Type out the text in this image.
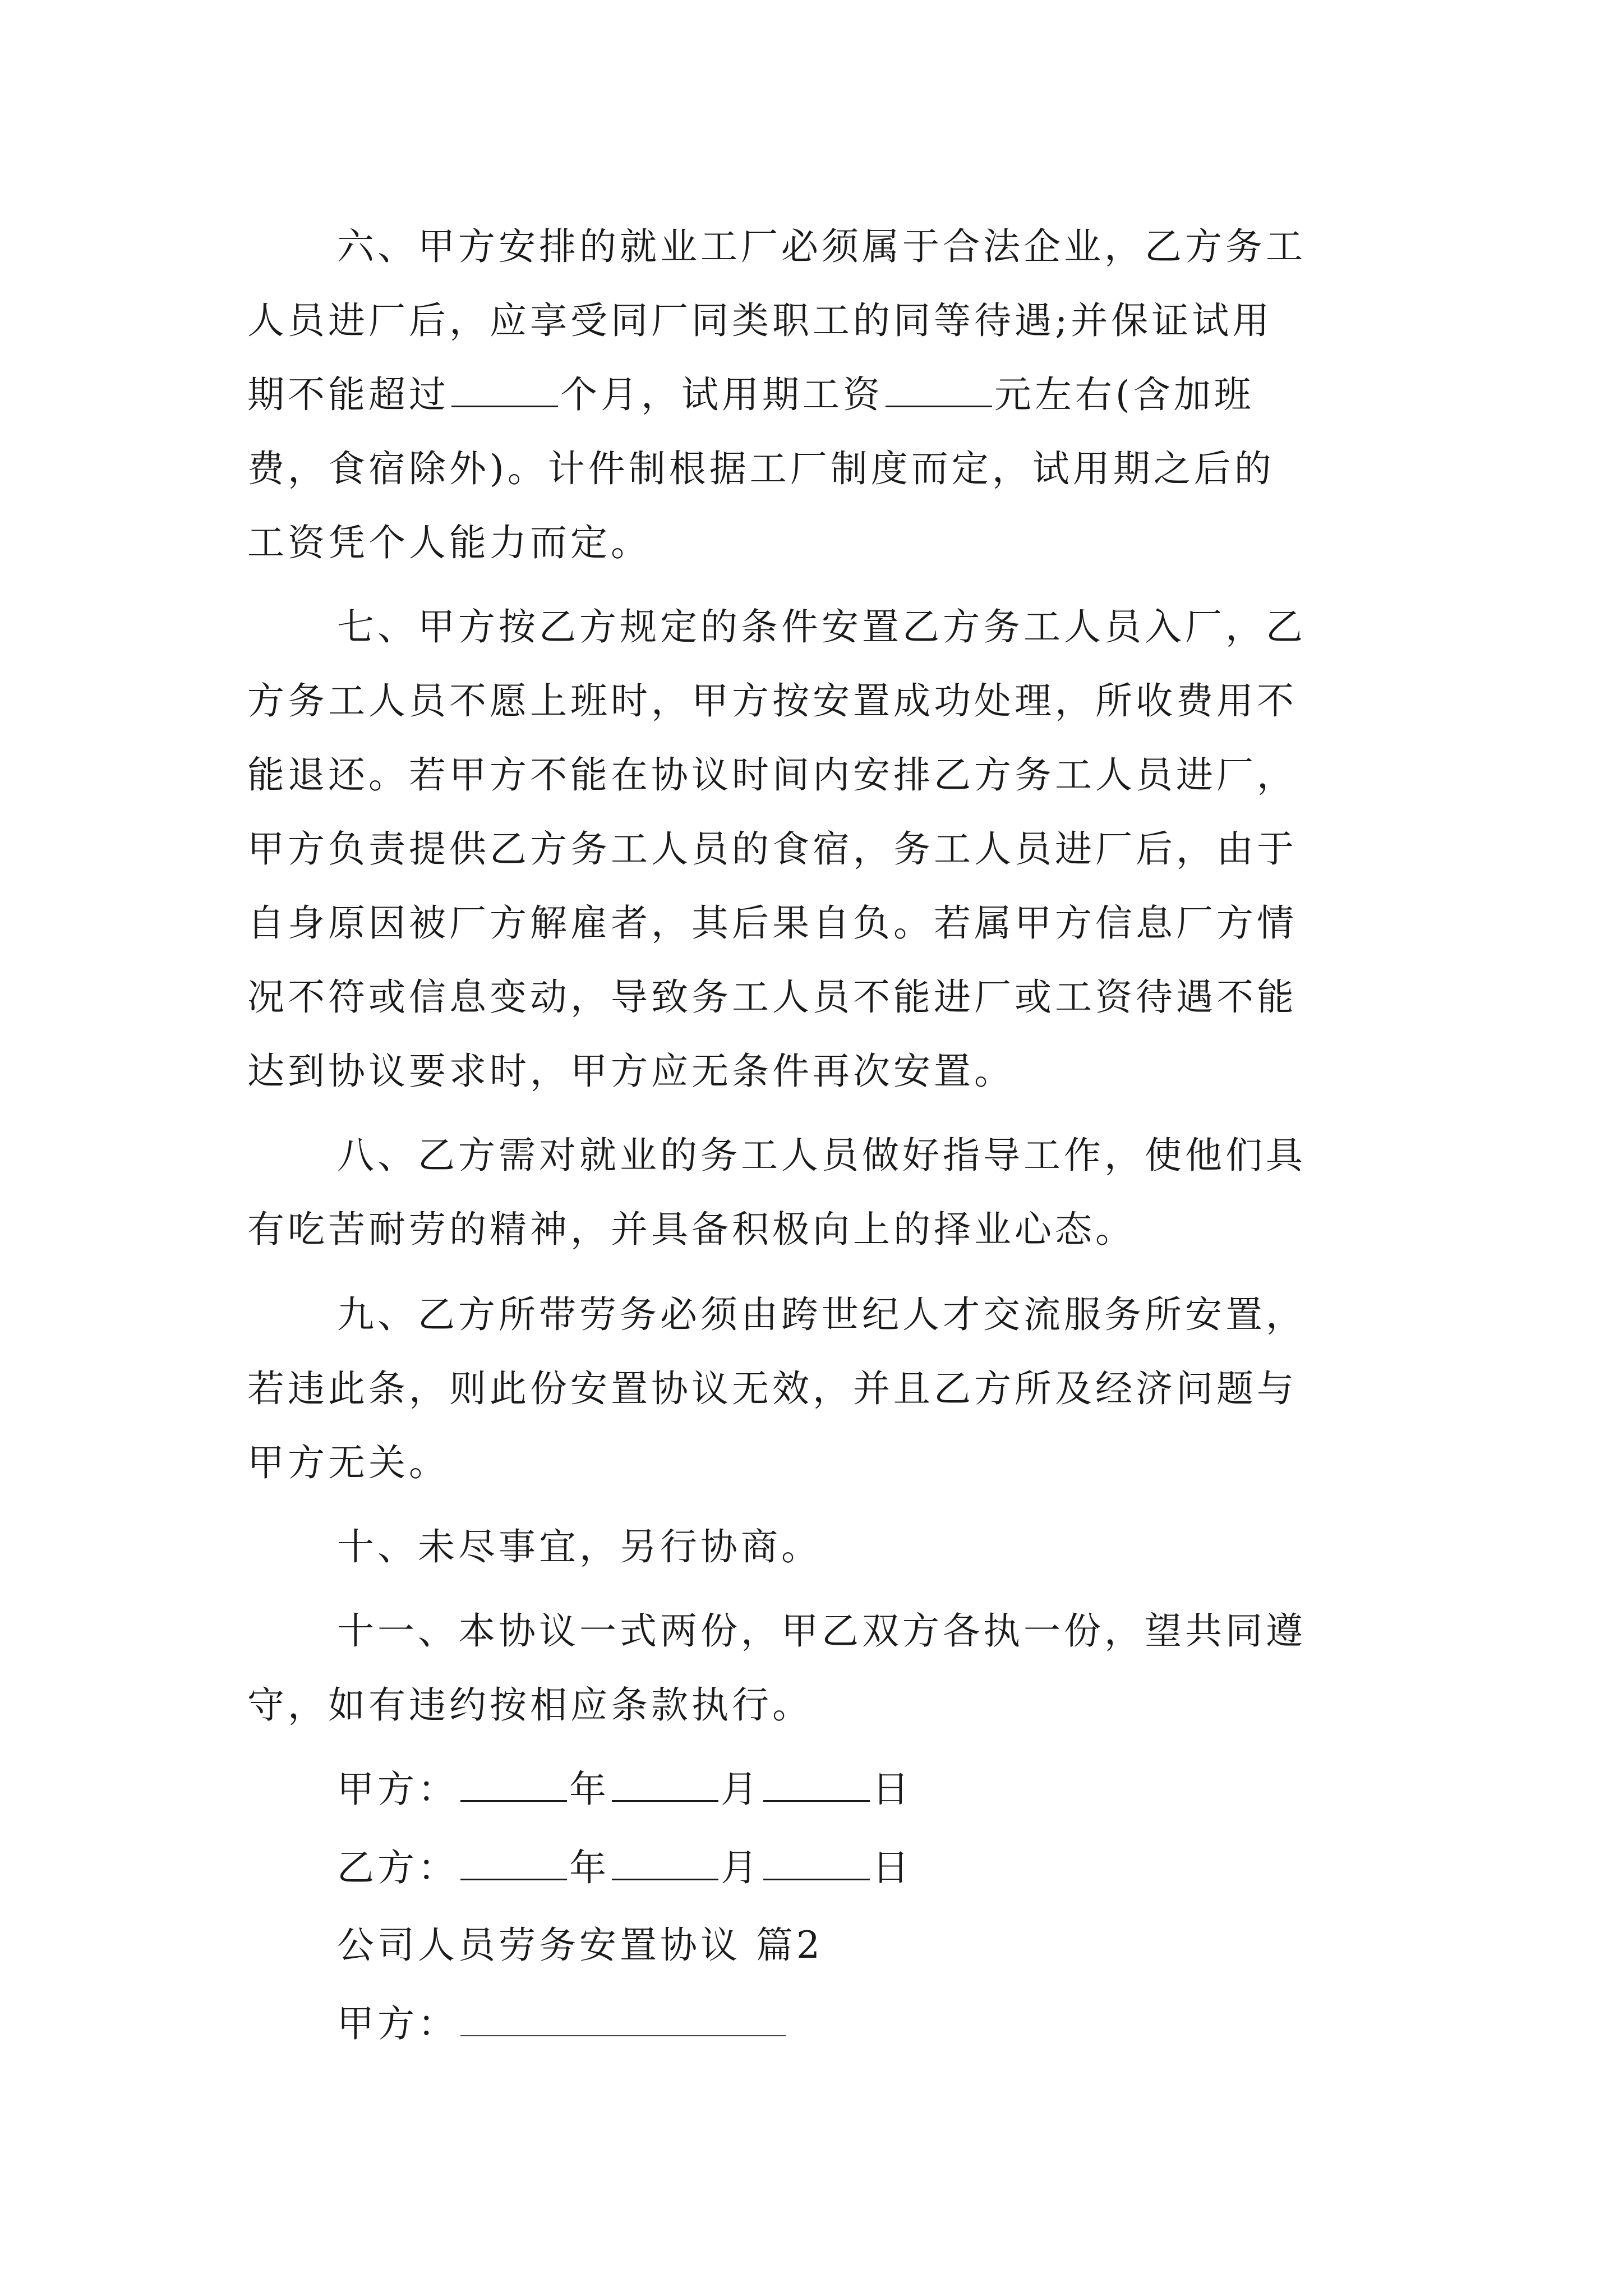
六、甲方安排的就业工厂必须属于合法企业，乙方务工
人员进厂后，应享受同厂同类职工的同等待遇;并保证试用
期不能超过	个月，试用期工资	元左右(含加班
费，食宿除外)。计件制根据工厂制度而定，试用期之后的
工资凭个人能力而定。
七、甲方按乙方规定的条件安置乙方务工人员入厂，乙
方务工人员不愿上班时，甲方按安置成功处理，所收费用不
能退还。若甲方不能在协议时间内安排乙方务工人员进厂，
甲方负责提供乙方务工人员的食宿，务工人员进厂后，由于
自身原因被厂方解雇者，其后果自负。若属甲方信息厂方情
况不符或信息变动，导致务工人员不能进厂或工资待遇不能
达到协议要求时，甲方应无条件再次安置。
八、乙方需对就业的务工人员做好指导工作，使他们具
有吃苦耐劳的精神，并具备积极向上的择业心态。
九、乙方所带劳务必须由跨世纪人才交流服务所安置，
若违此条，则此份安置协议无效，并且乙方所及经济问题与
甲方无关。
十、未尽事宜，另行协商。
十一、本协议一式两份，甲乙双方各执一份，望共同遵
守，如有违约按相应条款执行。
甲方：	年	月	日
乙方：	年	月	日
公司人员劳务安置协议 篇2
甲方：
